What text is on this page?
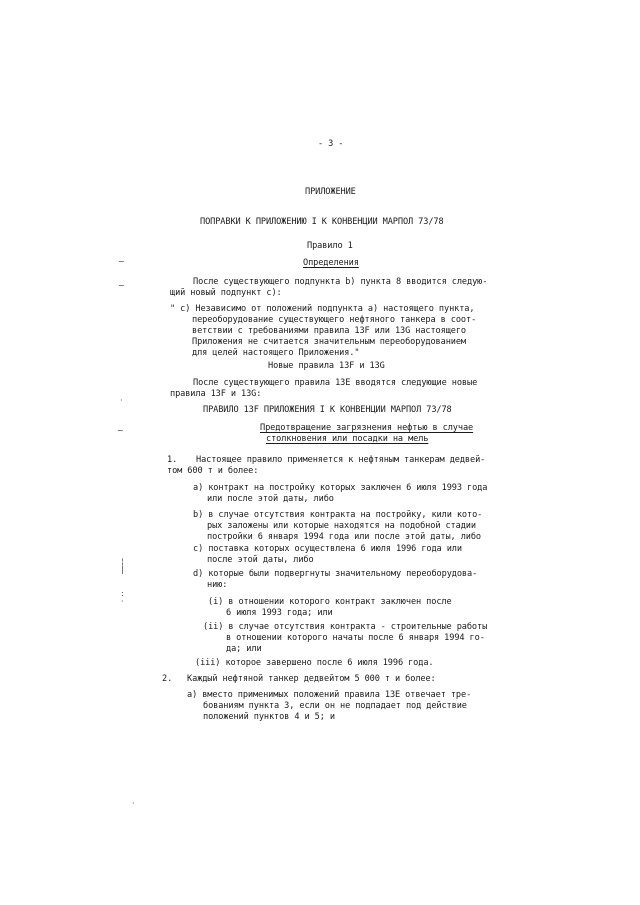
- 3 -
ПРИЛОЖЕНИЕ
ПОПРАВКИ К ПРИЛОЖЕНИЮ I К КОНВЕНЦИИ МАРПОЛ 73/78
Правило 1
Определения
После существующего подпункта b) пункта 8 вводится следую-
щий новый подпункт c):
" c) Независимо от положений подпункта a) настоящего пункта,
переоборудование существующего нефтяного танкера в соот-
ветствии с требованиями правила 13F или 13G настоящего
Приложения не считается значительным переоборудованием
для целей настоящего Приложения."
Новые правила 13F и 13G
После существующего правила 13E вводятся следующие новые
правила 13F и 13G:
ПРАВИЛО 13F ПРИЛОЖЕНИЯ I К КОНВЕНЦИИ МАРПОЛ 73/78
Предотвращение загрязнения нефтью в случае
столкновения или посадки на мель
1. Настоящее правило применяется к нефтяным танкерам дедвей-
том 600 т и более:
a) контракт на постройку которых заключен 6 июля 1993 года
или после этой даты, либо
b) в случае отсутствия контракта на постройку, кили кото-
рых заложены или которые находятся на подобной стадии
постройки 6 января 1994 года или после этой даты, либо
c) поставка которых осуществлена 6 июля 1996 года или
после этой даты, либо
d) которые были подвергнуты значительному переоборудова-
нию:
(i) в отношении которого контракт заключен после
6 июля 1993 года; или
(ii) в случае отсутствия контракта - строительные работы
в отношении которого начаты после 6 января 1994 го-
да; или
(iii) которое завершено после 6 июля 1996 года.
2. Каждый нефтяной танкер дедвейтом 5 000 т и более:
a) вместо применимых положений правила 13E отвечает тре-
бованиям пункта 3, если он не подпадает под действие
положений пунктов 4 и 5; и
~
~
·
~
¦
|
:
·
·
